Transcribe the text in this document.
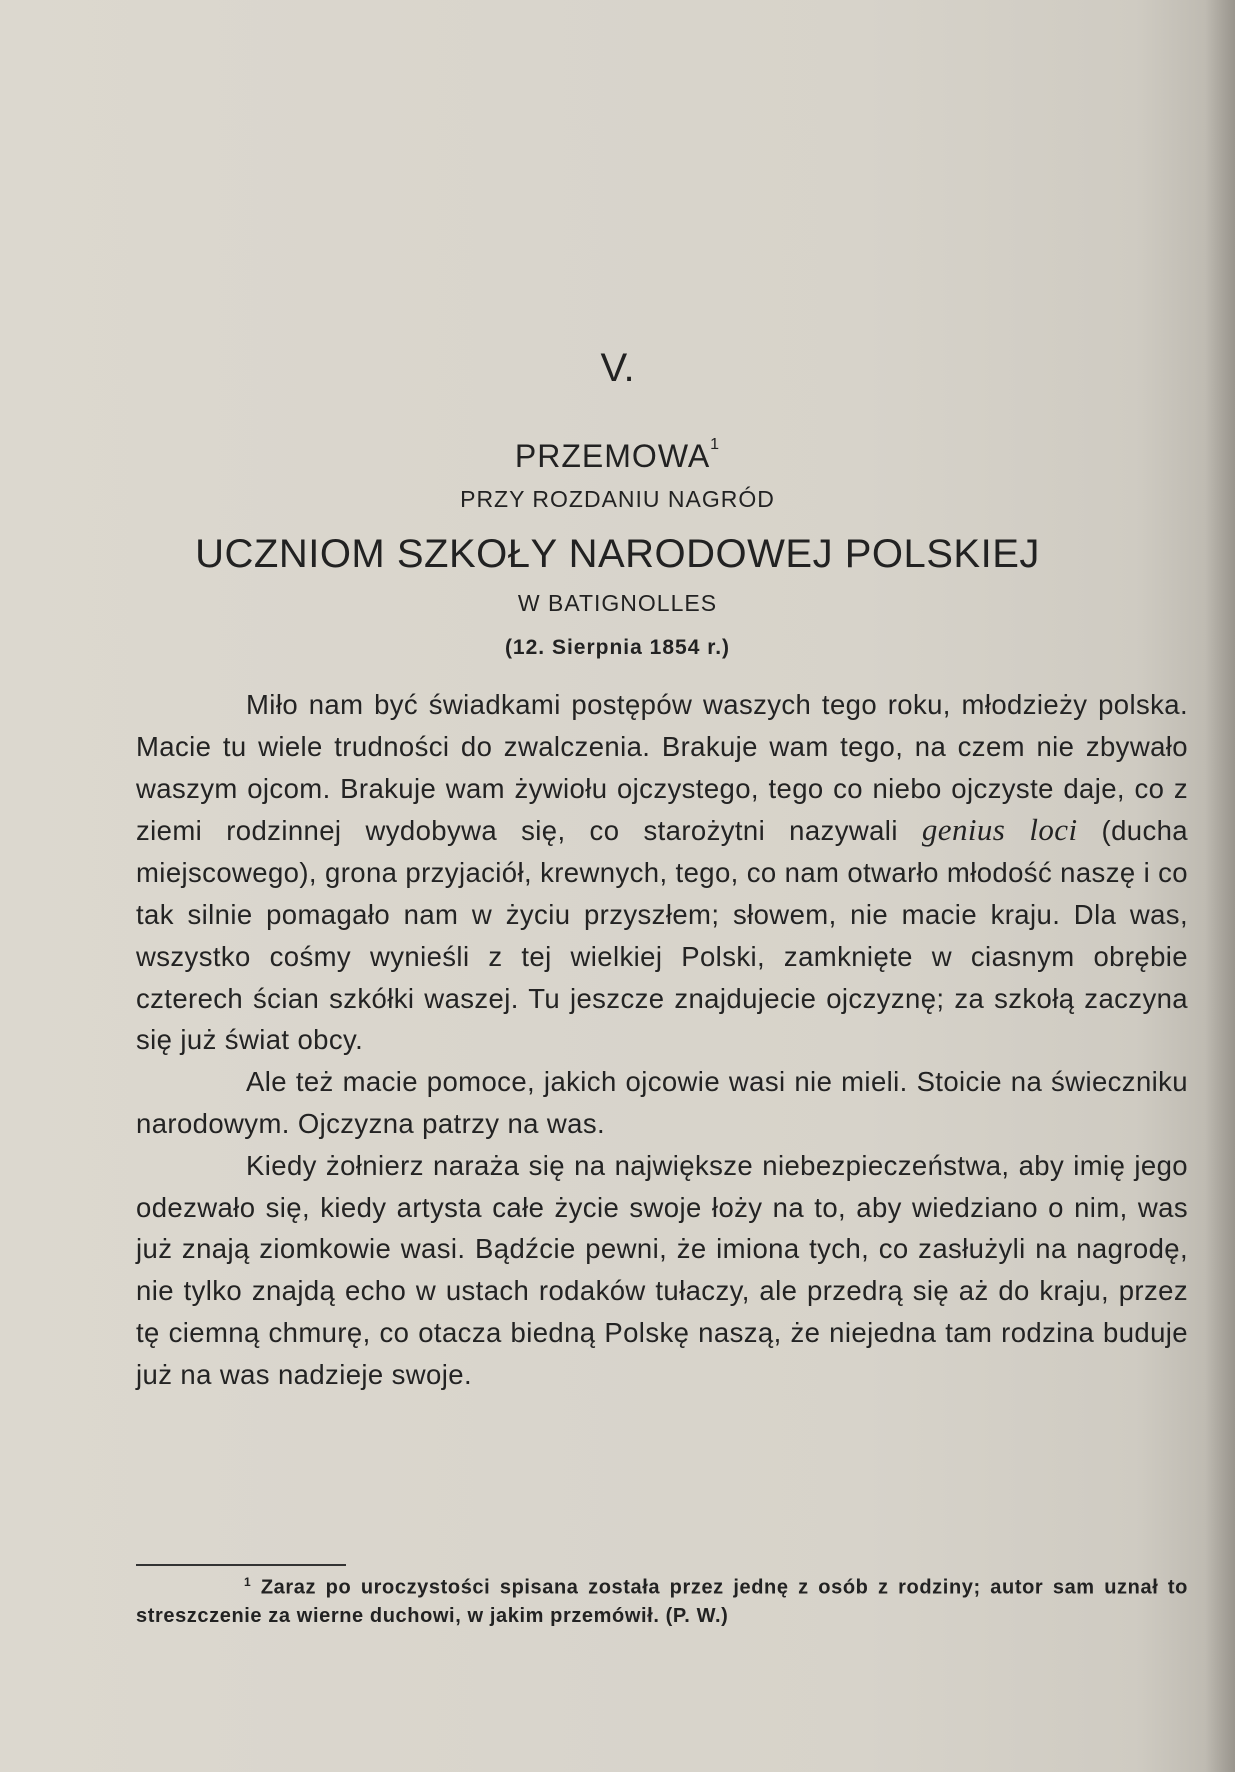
V.
PRZEMOWA$^1$
PRZY ROZDANIU NAGRÓD
UCZNIOM SZKOŁY NARODOWEJ POLSKIEJ
W BATIGNOLLES
(12. Sierpnia 1854 r.)

Miło nam być świadkami postępów waszych tego roku, młodzieży polska. Macie tu wiele trudności do zwalczenia. Brakuje wam tego, na czem nie zbywało waszym ojcom. Brakuje wam żywiołu ojczystego, tego co niebo ojczyste daje, co z ziemi rodzinnej wydobywa się, co starożytni nazywali genius loci (ducha miejscowego), grona przyjaciół, krewnych, tego, co nam otwarło młodość naszę i co tak silnie pomagało nam w życiu przyszłem; słowem, nie macie kraju. Dla was, wszystko cośmy wynieśli z tej wielkiej Polski, zamknięte w ciasnym obrębie czterech ścian szkółki waszej. Tu jeszcze znajdujecie ojczyznę; za szkołą zaczyna się już świat obcy.

Ale też macie pomoce, jakich ojcowie wasi nie mieli. Stoicie na świeczniku narodowym. Ojczyzna patrzy na was.

Kiedy żołnierz naraża się na największe niebezpieczeństwa, aby imię jego odezwało się, kiedy artysta całe życie swoje łoży na to, aby wiedziano o nim, was już znają ziomkowie wasi. Bądźcie pewni, że imiona tych, co zasłużyli na nagrodę, nie tylko znajdą echo w ustach rodaków tułaczy, ale przedrą się aż do kraju, przez tę ciemną chmurę, co otacza biedną Polskę naszą, że niejedna tam rodzina buduje już na was nadzieje swoje.

$^1$ Zaraz po uroczystości spisana została przez jednę z osób z rodziny; autor sam uznał to streszczenie za wierne duchowi, w jakim przemówił. (P. W.)
